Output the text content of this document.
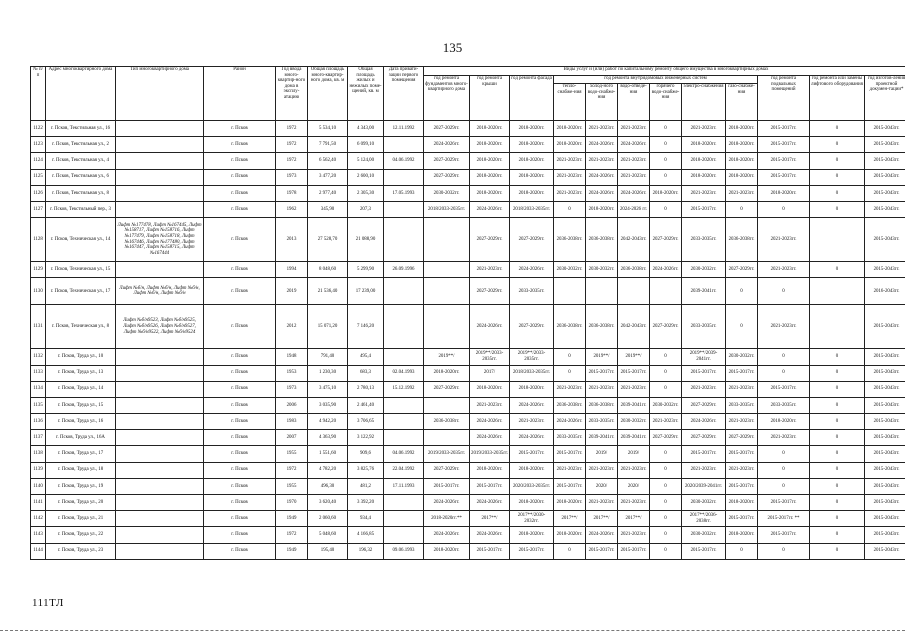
135
№ п/п	Адрес многоквартирного дома	Тип многоквартирного дома	Район	Год ввода много-квартир-ного дома в эксплу-атацию	Общая площадь много-квартир-ного дома, кв. м	Общая площадь жилых и нежилых поме-щений, кв. м	Дата привати-зации первого помещения	Виды услуг и (или) работ по капитальному ремонту общего имущества в многоквартирных домах											
								год ремонта фундаментов много-квартирного дома	год ремонта крыши	год ремонта фасада	год ремонта внутридомовых инженерных систем						год ремонта подвальных помещений	год ремонта или замены лифтового оборудования	год изготов-ления проектной докумен-тации*
											тепло-снабже-ния	холод-ного водо-снабже-ния	водо-отведе-ния	горячего водо-снабже-ния	электро-снабжения	газо-снабже-ния			
1122	г. Псков, Текстильная ул., 16		г. Псков	1972	5 534,10	4 343,00	12.11.1992	2027-2029гг.	2018-2020гг.	2018-2020гг.	2018-2020гг.	2021-2023гг.	2021-2023гг.	0	2021-2023гг.	2018-2020гг.	2015-2017гг.	0	2015-2043гг.
1123	г. Псков, Текстильная ул., 2		г. Псков	1972	7 791,50	6 099,10		2024-2026гг.	2018-2020гг.	2018-2020гг.	2018-2020гг.	2024-2026гг.	2024-2026гг.	0	2018-2020гг.	2018-2020гг.	2015-2017гг.	0	2015-2043гг.
1124	г. Псков, Текстильная ул., 4		г. Псков	1972	6 562,40	5 124,00	04.06.1992	2027-2029гг.	2018-2020гг.	2018-2020гг.	2021-2023гг.	2021-2023гг.	2021-2023гг.	0	2018-2020гг.	2018-2020гг.	2015-2017гг.	0	2015-2043гг.
1125	г. Псков, Текстильная ул., 6		г. Псков	1973	3 477,20	2 600,10		2027-2029гг.	2018-2020гг.	2018-2020гг.	2021-2023гг.	2024-2026гг.	2021-2023гг.	0	2018-2020гг.	2018-2020гг.	2015-2017гг.	0	2015-2043гг.
1126	г. Псков, Текстильная ул., 8		г. Псков	1978	2 977,40	2 305,30	17.05.1993	2030-2032гг.	2018-2020гг.	2018-2020гг.	2021-2023гг.	2024-2026гг.	2024-2026гг.	2018-2020гг.	2021-2023гг.	2021-2023гг.	2018-2020гг.	0	2015-2043гг.
1127	г. Псков, Текстильный пер., 3		г. Псков	1962	345,90	207,3		2018/2033-2035гг.	2024-2026гг.	2018/2033-2035гг.	0	2018-2020гг.	2024-2026 гг.	0	2015-2017гг.	0	0	0	2015-2043гг.
1128	г. Псков, Техническая ул., 14	Лифт №177478, Лифт №167445, Лифт №158717, Лифт №158716, Лифт №177479, Лифт №158718, Лифт №167446, Лифт №177480, Лифт №167447, Лифт №158715, Лифт №167444	г. Псков	2013	27 528,70	21 088,90			2027-2029гг.	2027-2029гг.	2036-2038гг.	2036-2038гг.	2042-2043гг.	2027-2029гг.	2033-2035гг.	2036-2038гг.	2021-2023гг.		2015-2043гг.
1129	г. Псков, Техническая ул., 15		г. Псков	1994	8 048,60	5 299,90	26.09.1996		2021-2023гг.	2024-2026гг.	2030-2032гг.	2030-2032гг.	2036-2038гг.	2024-2026гг.	2030-2032гг.	2027-2029гг.	2021-2023гг.	0	2015-2043гг.
1130	г. Псков, Техническая ул., 17	Лифт №б/н, Лифт №б/н, Лифт №б/н, Лифт №б/н, Лифт №б/н	г. Псков	2019	21 536,40	17 239,00			2027-2029гг.	2033-2035гг.					2039-2041гг.	0	0		2016-2043гг.
1131	г. Псков, Техническая ул., 8	Лифт №б/н9523, Лифт №б/н9525, Лифт №б/н9526, Лифт №б/н9527, Лифт №б/н9522, Лифт №б/н9524	г. Псков	2012	15 071,20	7 146,20			2024-2026гг.	2027-2029гг.	2036-2038гг.	2036-2038гг.	2042-2043гг.	2027-2029гг.	2033-2035гг.	0	2021-2023гг.		2015-2043гг.
1132	г. Псков, Труда ул., 10		г. Псков	1948	791,40	495,4		2019**/	2019**/2033-2035гг.	2019**/2033-2035гг.	0	2019**/	2019**/	0	2019**/2039-2041гг.	2030-2032гг.	0	0	2015-2043гг.
1133	г. Псков, Труда ул., 13		г. Псков	1953	1 230,30	683,3	02.04.1993	2018-2020гг.	2017/	2018/2033-2035гг.	0	2015-2017гг.	2015-2017гг.	0	2015-2017гг.	2015-2017гг.	0	0	2015-2043гг.
1134	г. Псков, Труда ул., 14		г. Псков	1973	3 475,10	2 780,13	15.12.1992	2027-2029гг.	2018-2020гг.	2018-2020гг.	2021-2023гг.	2021-2023гг.	2021-2023гг.	0	2021-2023гг.	2021-2023гг.	2015-2017гг.	0	2015-2043гг.
1135	г. Псков, Труда ул., 15		г. Псков	2006	3 035,90	2 461,40			2021-2023гг.	2024-2026гг.	2036-2038гг.	2036-2038гг.	2039-2041гг.	2030-2032гг.	2027-2029гг.	2033-2035гг.	2033-2035гг.	0	2015-2043гг.
1136	г. Псков, Труда ул., 16		г. Псков	1983	4 942,20	3 706,65		2036-2038гг.	2024-2026гг.	2021-2023гг.	2024-2026гг.	2033-2035гг.	2030-2032гг.	2021-2023гг.	2024-2026гг.	2021-2023гг.	2018-2020гг.	0	2015-2043гг.
1137	г. Псков, Труда ул., 16А		г. Псков	2007	4 363,90	3 122,92			2024-2026гг.	2024-2026гг.	2033-2035гг.	2039-2041гг.	2039-2041гг.	2027-2029гг.	2027-2029гг.	2027-2029гг.	2021-2023гг.	0	2015-2043гг.
1138	г. Псков, Труда ул., 17		г. Псков	1955	1 551,60	909,6	04.06.1992	2019/2033-2035гг.	2019/2033-2035гг.	2015-2017гг.	2015-2017гг.	2019/	2019/	0	2015-2017гг.	2015-2017гг.	0	0	2015-2043гг.
1139	г. Псков, Труда ул., 18		г. Псков	1972	4 782,20	3 825,76	22.04.1992	2027-2029гг.	2018-2020гг.	2018-2020гг.	2021-2023гг.	2021-2023гг.	2021-2023гг.	0	2021-2023гг.	2021-2023гг.	0	0	2015-2043гг.
1140	г. Псков, Труда ул., 19		г. Псков	1955	496,30	481,2	17.11.1993	2015-2017гг.	2015-2017гг.	2020/2033-2035гг.	2015-2017гг.	2020/	2020/	0	2020/2039-2041гг.	2015-2017гг.	0	0	2015-2043гг.
1141	г. Псков, Труда ул., 20		г. Псков	1970	3 620,40	3 392,20		2024-2026гг.	2024-2026гг.	2018-2020гг.	2018-2020гг.	2021-2023гг.	2021-2023гг.	0	2030-2032гг.	2018-2020гг.	2015-2017гг.	0	2015-2043гг.
1142	г. Псков, Труда ул., 21		г. Псков	1949	2 060,60	934,4		2018-2020гг.**	2017**/	2017**/2030-2032гг.	2017**/	2017**/	2017**/	0	2017**/2036-2038гг.	2015-2017гг.	2015-2017гг. **	0	2015-2043гг.
1143	г. Псков, Труда ул., 22		г. Псков	1972	5 048,60	4 166,85		2024-2026гг.	2024-2026гг.	2018-2020гг.	2018-2020гг.	2024-2026гг.	2021-2023гг.	0	2030-2032гг.	2018-2020гг.	2015-2017гг.	0	2015-2043гг.
1144	г. Псков, Труда ул., 23		г. Псков	1949	195,40	196,32	09.06.1993	2018-2020гг.	2015-2017гг.	2015-2017гг.	0	2015-2017гг.	2015-2017гг.	0	2015-2017гг.	0	0	0	2015-2043гг.
111ТЛ
